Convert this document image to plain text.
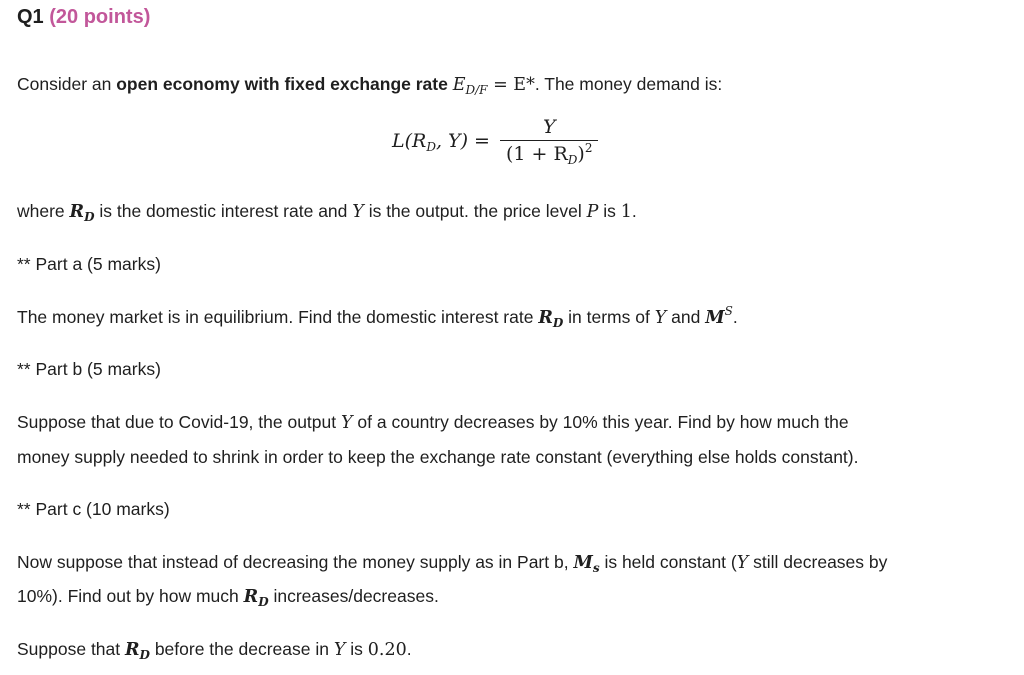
Q1 (20 points)
Consider an open economy with fixed exchange rate $E_{D/F} = E*$. The money demand is:
$L(R_D$, $Y) = \frac{Y}{(1 + R_D)^2}$
where $R_D$ is the domestic interest rate and Y is the output. the price level P is 1.
** Part a (5 marks)
The money market is in equilibrium. Find the domestic interest rate $R_D$ in terms of Y and $M^S$.
** Part b (5 marks)
Suppose that due to Covid-19, the output Y of a country decreases by 10% this year. Find by how much the
money supply needed to shrink in order to keep the exchange rate constant (everything else holds constant).
** Part c (10 marks)
Now suppose that instead of decreasing the money supply as in Part b, $M_s$ is held constant (Y still decreases by
10%). Find out by how much $R_D$ increases/decreases.
Suppose that $R_D$ before the decrease in Y is 0.20.
